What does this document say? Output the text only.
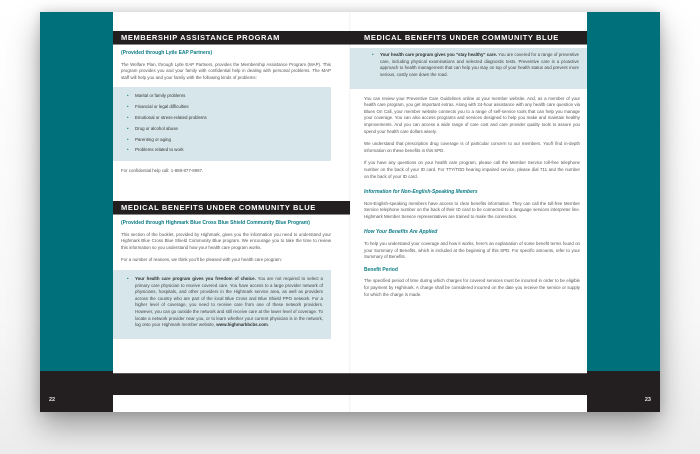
22
MEMBERSHIP ASSISTANCE PROGRAM
(Provided through Lytle EAP Partners)

The Welfare Plan, through Lytle EAP Partners, provides the Membership Assistance Program (MAP). This program provides you and your family with confidential help in dealing with personal problems. The MAP staff will help you and your family with the following kinds of problems:

• Marital or family problems
• Financial or legal difficulties
• Emotional or stress-related problems
• Drug or alcohol abuse
• Parenting or aging
• Problems related to work

For confidential help call: 1-888-877-8997.

MEDICAL BENEFITS UNDER COMMUNITY BLUE
(Provided through Highmark Blue Cross Blue Shield Community Blue Program)

This section of the booklet, provided by Highmark, gives you the information you need to understand your Highmark Blue Cross Blue Shield Community Blue program. We encourage you to take the time to review this information so you understand how your health care program works.

For a number of reasons, we think you'll be pleased with your health care program:

• Your health care program gives you freedom of choice. You are not required to select a primary care physician to receive covered care. You have access to a large provider network of physicians, hospitals, and other providers in the Highmark service area, as well as providers across the country who are part of the local Blue Cross and Blue Shield PPO network. For a higher level of coverage, you need to receive care from one of these network providers. However, you can go outside the network and still receive care at the lower level of coverage. To locate a network provider near you, or to learn whether your current physician is in the network, log onto your Highmark member website, www.highmarkbcbs.com.
23
MEDICAL BENEFITS UNDER COMMUNITY BLUE
• Your health care program gives you "stay healthy" care. You are covered for a range of preventive care, including physical examinations and selected diagnostic tests. Preventive care is a proactive approach to health management that can help you stay on top of your health status and prevent more serious, costly care down the road.

You can review your Preventive Care Guidelines online at your member website. And, as a member of your health care program, you get important extras. Along with 24-hour assistance with any health care question via Blues On Call, your member website connects you to a range of self-service tools that can help you manage your coverage. You can also access programs and services designed to help you make and maintain healthy improvements. And you can access a wide range of care cost and care provider quality tools to assure you spend your health care dollars wisely.

We understand that prescription drug coverage is of particular concern to our members. You'll find in-depth information on these benefits in this SPD.

If you have any questions on your health care program, please call the Member Service toll-free telephone number on the back of your ID card. For TTY/TDD hearing impaired service, please dial 711 and the number on the back of your ID card.

Information for Non-English-Speaking Members

Non-English-speaking members have access to clear benefits information. They can call the toll-free Member Service telephone number on the back of their ID card to be connected to a language services interpreter line. Highmark Member Service representatives are trained to make the connection.

How Your Benefits Are Applied

To help you understand your coverage and how it works, here's an explanation of some benefit terms found on your Summary of Benefits, which is included at the beginning of this SPD. For specific amounts, refer to your Summary of Benefits.

Benefit Period

The specified period of time during which charges for covered services must be incurred in order to be eligible for payment by Highmark. A charge shall be considered incurred on the date you receive the service or supply for which the charge is made.
